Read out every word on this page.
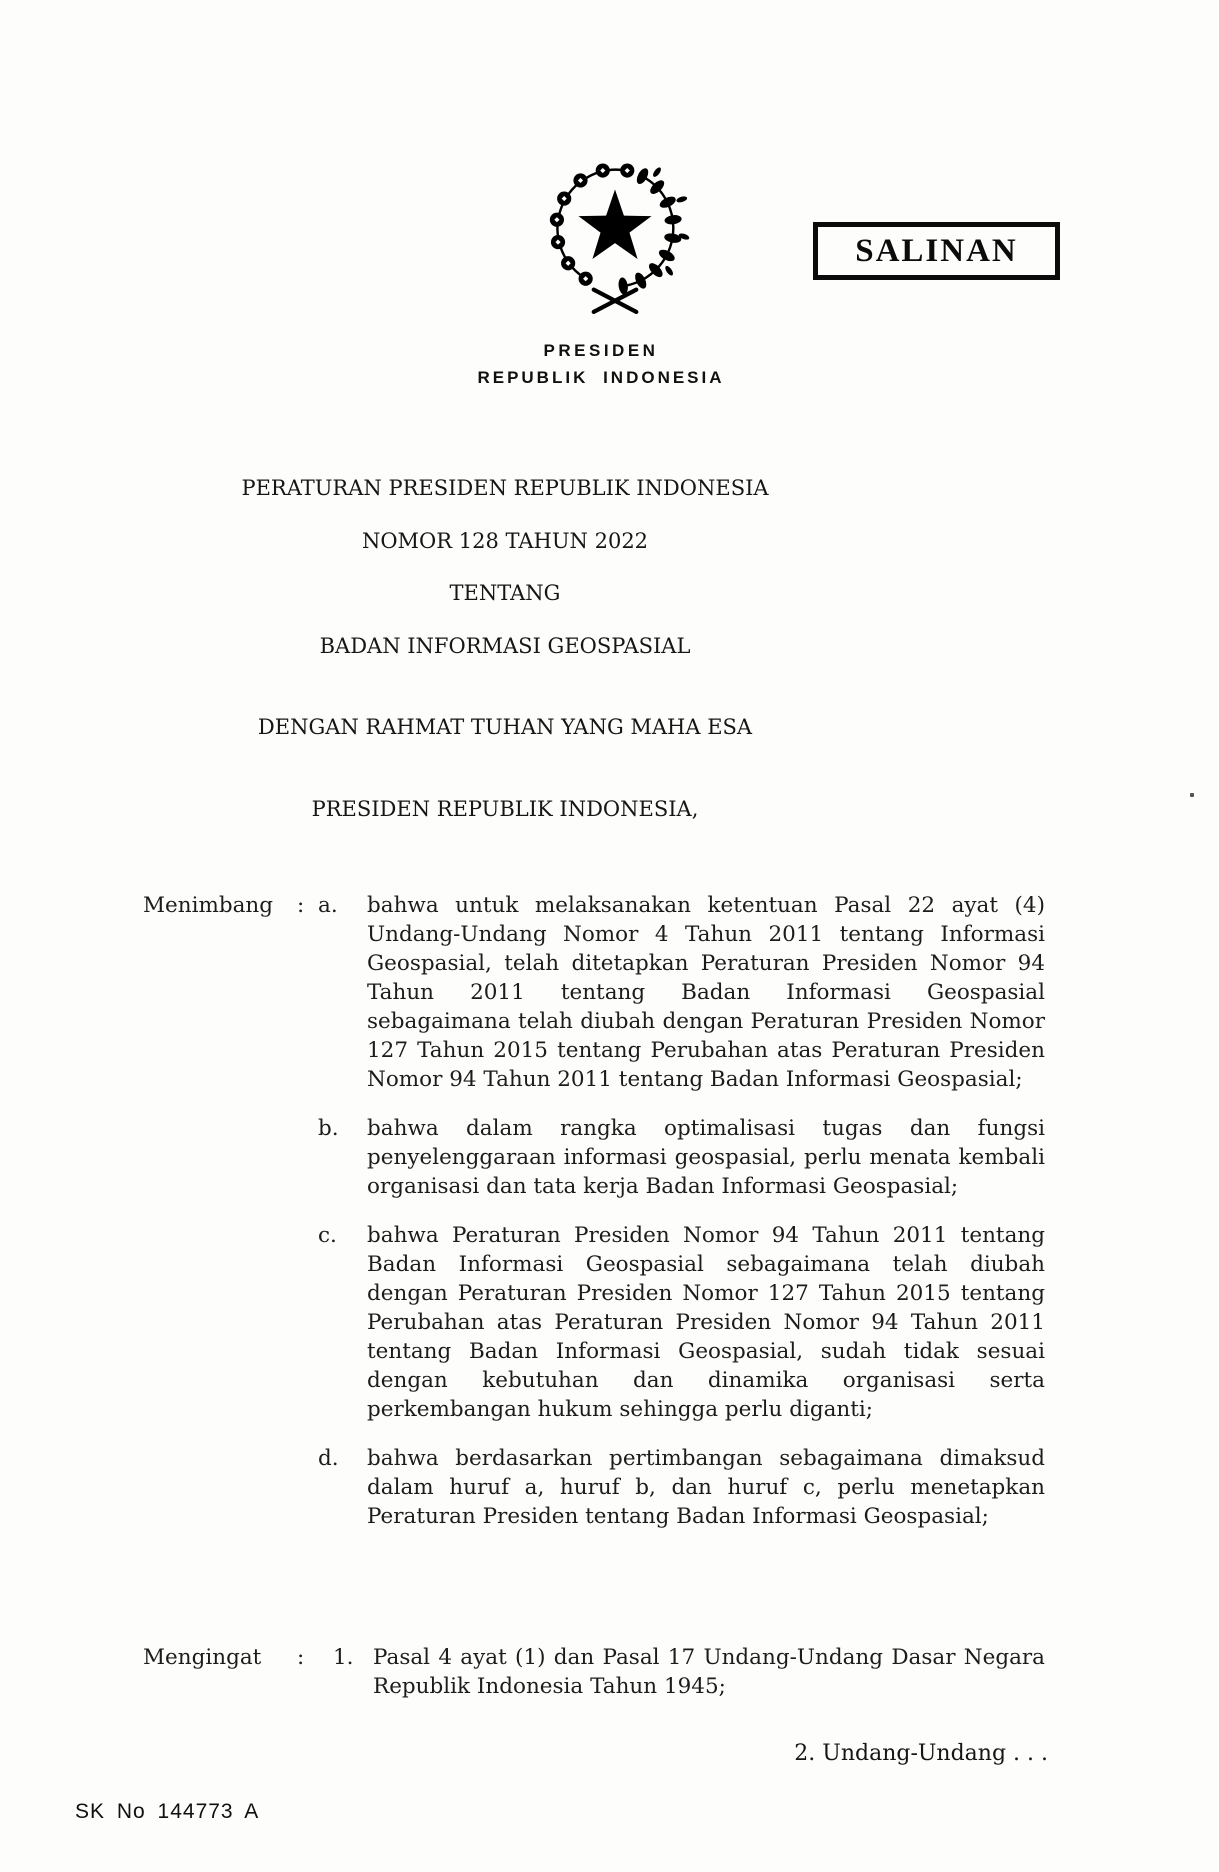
SALINAN
PRESIDEN
REPUBLIK INDONESIA
PERATURAN PRESIDEN REPUBLIK INDONESIA
NOMOR 128 TAHUN 2022
TENTANG
BADAN INFORMASI GEOSPASIAL
DENGAN RAHMAT TUHAN YANG MAHA ESA
PRESIDEN REPUBLIK INDONESIA,
Menimbang : a.	bahwa untuk melaksanakan ketentuan Pasal 22 ayat (4) Undang-Undang Nomor 4 Tahun 2011 tentang Informasi Geospasial, telah ditetapkan Peraturan Presiden Nomor 94 Tahun 2011 tentang Badan Informasi Geospasial sebagaimana telah diubah dengan Peraturan Presiden Nomor 127 Tahun 2015 tentang Perubahan atas Peraturan Presiden Nomor 94 Tahun 2011 tentang Badan Informasi Geospasial;

b.	bahwa dalam rangka optimalisasi tugas dan fungsi penyelenggaraan informasi geospasial, perlu menata kembali organisasi dan tata kerja Badan Informasi Geospasial;

c.	bahwa Peraturan Presiden Nomor 94 Tahun 2011 tentang Badan Informasi Geospasial sebagaimana telah diubah dengan Peraturan Presiden Nomor 127 Tahun 2015 tentang Perubahan atas Peraturan Presiden Nomor 94 Tahun 2011 tentang Badan Informasi Geospasial, sudah tidak sesuai dengan kebutuhan dan dinamika organisasi serta perkembangan hukum sehingga perlu diganti;

d.	bahwa berdasarkan pertimbangan sebagaimana dimaksud dalam huruf a, huruf b, dan huruf c, perlu menetapkan Peraturan Presiden tentang Badan Informasi Geospasial;

Mengingat :	1. Pasal 4 ayat (1) dan Pasal 17 Undang-Undang Dasar Negara Republik Indonesia Tahun 1945;

2. Undang-Undang . . .
SK No 144773 A
